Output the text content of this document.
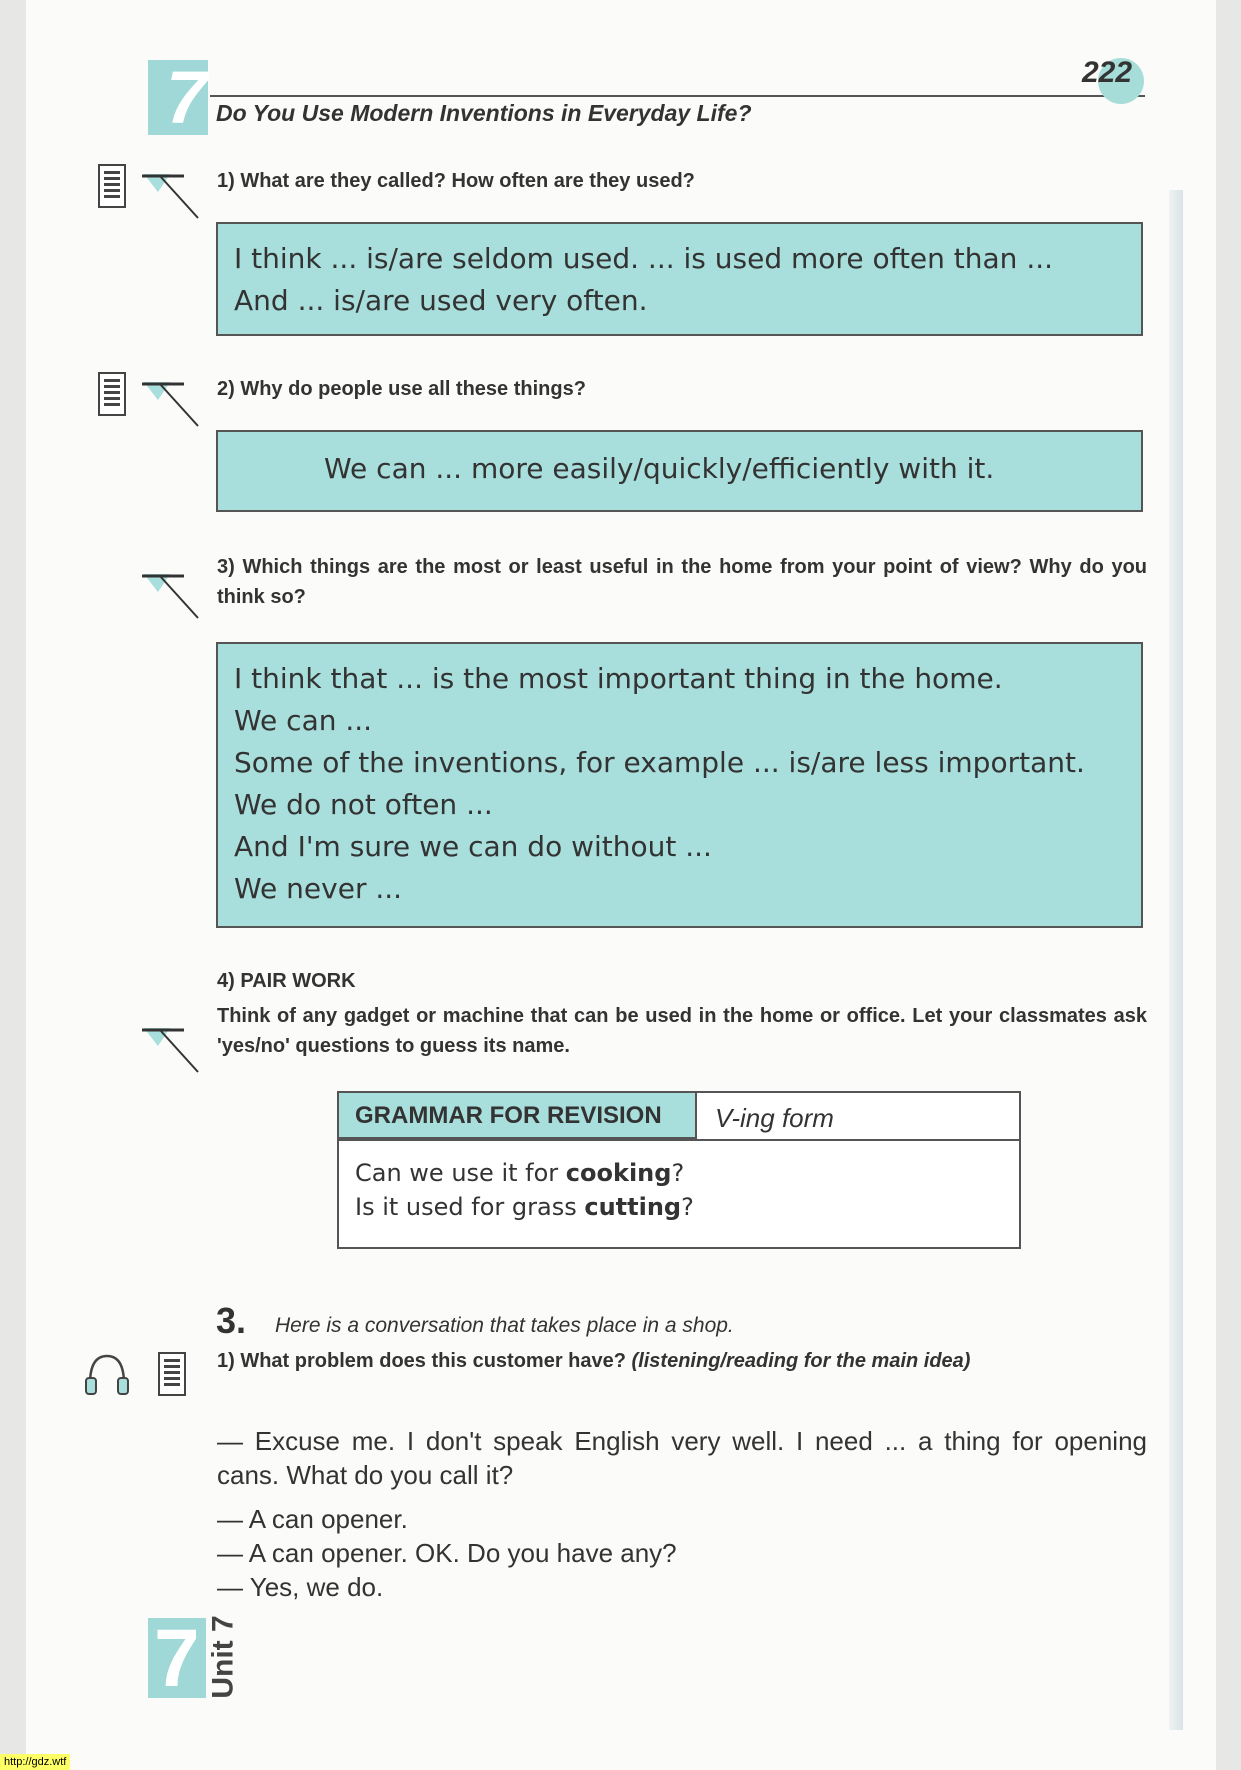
7	222
Do You Use Modern Inventions in Everyday Life?
1) What are they called? How often are they used?
I think ... is/are seldom used. ... is used more often than ...
And ... is/are used very often.
2) Why do people use all these things?
We can ... more easily/quickly/efficiently with it.
3) Which things are the most or least useful in the home from your point of view? Why do you think so?
I think that ... is the most important thing in the home.
We can ...
Some of the inventions, for example ... is/are less important.
We do not often ...
And I'm sure we can do without ...
We never ...
4) PAIR WORK
Think of any gadget or machine that can be used in the home or office. Let your classmates ask 'yes/no' questions to guess its name.
GRAMMAR FOR REVISION V-ing form
Can we use it for cooking?
Is it used for grass cutting?
3. Here is a conversation that takes place in a shop.
1) What problem does this customer have? (listening/reading for the main idea)
— Excuse me. I don't speak English very well. I need ... a thing for opening cans. What do you call it?
— A can opener.
— A can opener. OK. Do you have any?
— Yes, we do.
7 Unit 7
http://gdz.wtf
